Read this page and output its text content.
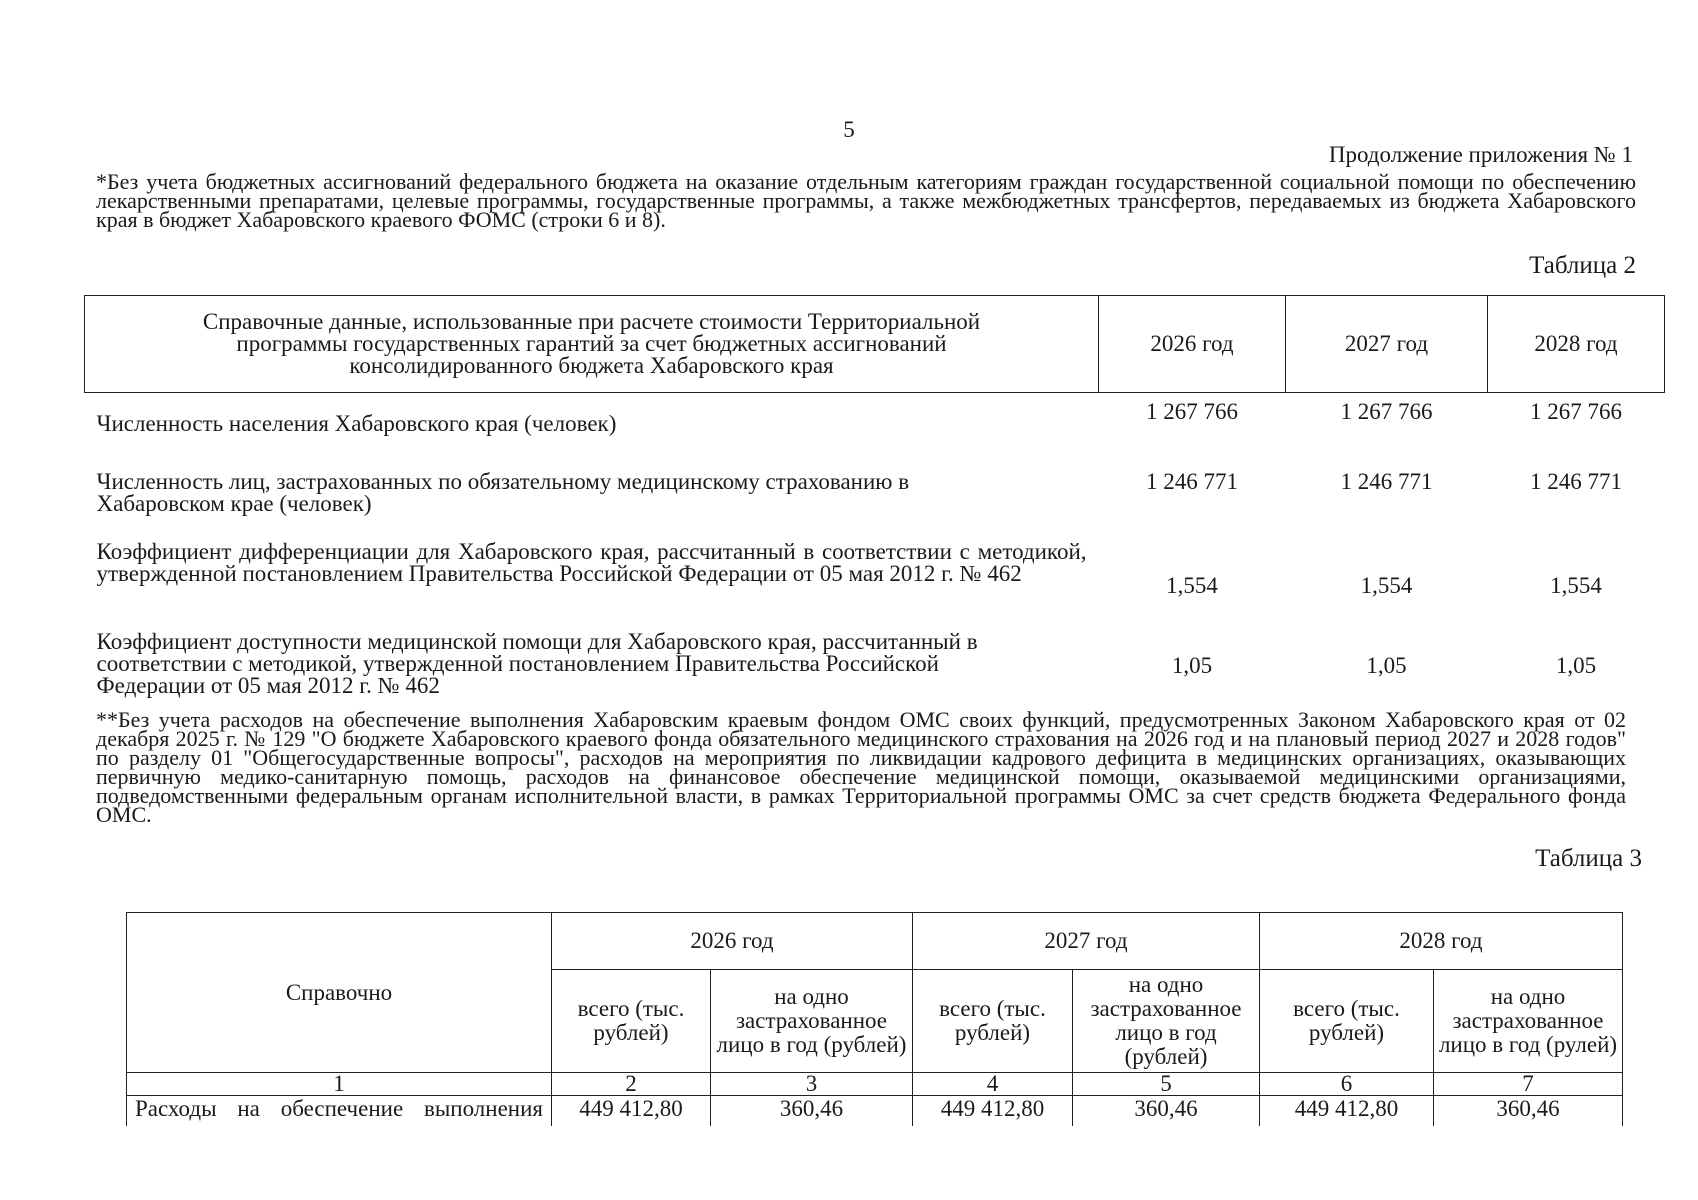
5
Продолжение приложения № 1
*Без учета бюджетных ассигнований федерального бюджета на оказание отдельным категориям граждан государственной социальной помощи по обеспечению лекарственными препаратами, целевые программы, государственные программы, а также межбюджетных трансфертов, передаваемых из бюджета Хабаровского края в бюджет Хабаровского краевого ФОМС (строки 6 и 8).
Таблица 2
Справочные данные, использованные при расчете стоимости Территориальной программы государственных гарантий за счет бюджетных ассигнований консолидированного бюджета Хабаровского края	2026 год	2027 год	2028 год
Численность населения Хабаровского края (человек)	1 267 766	1 267 766	1 267 766
Численность лиц, застрахованных по обязательному медицинскому страхованию в Хабаровском крае (человек)	1 246 771	1 246 771	1 246 771
Коэффициент дифференциации для Хабаровского края, рассчитанный в соответствии с методикой, утвержденной постановлением Правительства Российской Федерации от 05 мая 2012 г. № 462	1,554	1,554	1,554
Коэффициент доступности медицинской помощи для Хабаровского края, рассчитанный в соответствии с методикой, утвержденной постановлением Правительства Российской Федерации от 05 мая 2012 г. № 462	1,05	1,05	1,05
**Без учета расходов на обеспечение выполнения Хабаровским краевым фондом ОМС своих функций, предусмотренных Законом Хабаровского края от 02 декабря 2025 г. № 129 "О бюджете Хабаровского краевого фонда обязательного медицинского страхования на 2026 год и на плановый период 2027 и 2028 годов" по разделу 01 "Общегосударственные вопросы", расходов на мероприятия по ликвидации кадрового дефицита в медицинских организациях, оказывающих первичную медико-санитарную помощь, расходов на финансовое обеспечение медицинской помощи, оказываемой медицинскими организациями, подведомственными федеральным органам исполнительной власти, в рамках Территориальной программы ОМС за счет средств бюджета Федерального фонда ОМС.
Таблица 3
Справочно	2026 год		2027 год		2028 год	
	всего (тыс. рублей)	на одно застрахованное лицо в год (рублей)	всего (тыс. рублей)	на одно застрахованное лицо в год (рублей)	всего (тыс. рублей)	на одно застрахованное лицо в год (рулей)
1	2	3	4	5	6	7
Расходы на обеспечение выполнения	449 412,80	360,46	449 412,80	360,46	449 412,80	360,46
